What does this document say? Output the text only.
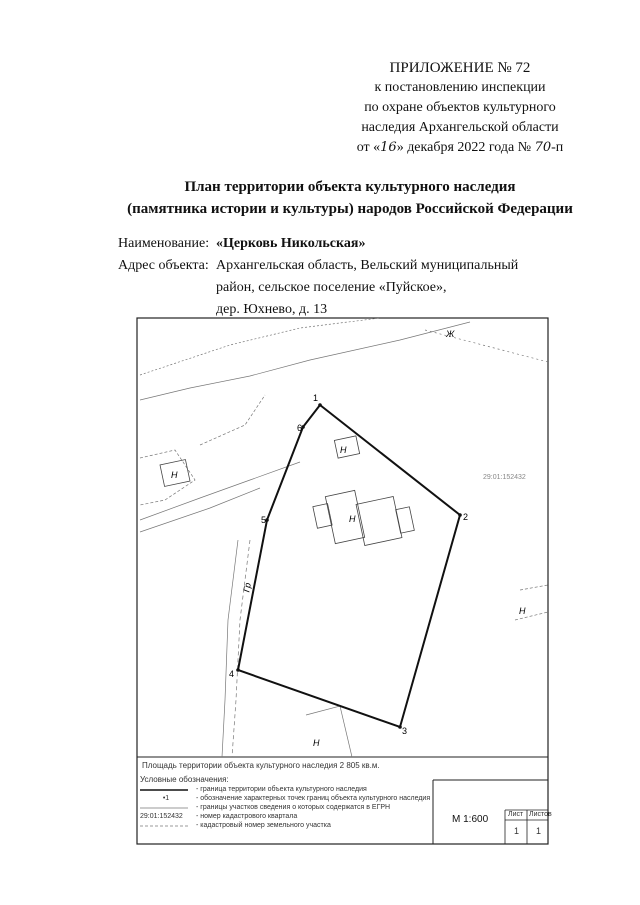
ПРИЛОЖЕНИЕ № 72
к постановлению инспекции
по охране объектов культурного
наследия Архангельской области
от «16» декабря 2022 года № 70-п
План территории объекта культурного наследия
(памятника истории и культуры) народов Российской Федерации
Наименование: «Церковь Никольская»
Адрес объекта: Архангельская область, Вельский муниципальный
район, сельское поселение «Пуйское»,
дер. Юхнево, д. 13
1
2
3
4
5
6
Н
Н
Н
Н
Н
Гр
Ж
29:01:152432
Площадь территории объекта культурного наследия 2 805 кв.м.
Условные обозначения:
- граница территории объекта культурного наследия
•1	- обозначение характерных точек границ объекта культурного наследия
- границы участков сведения о которых содержатся в ЕГРН
29:01:152432	- номер кадастрового квартала
- кадастровый номер земельного участка
М 1:600	Лист Листов
1 1
